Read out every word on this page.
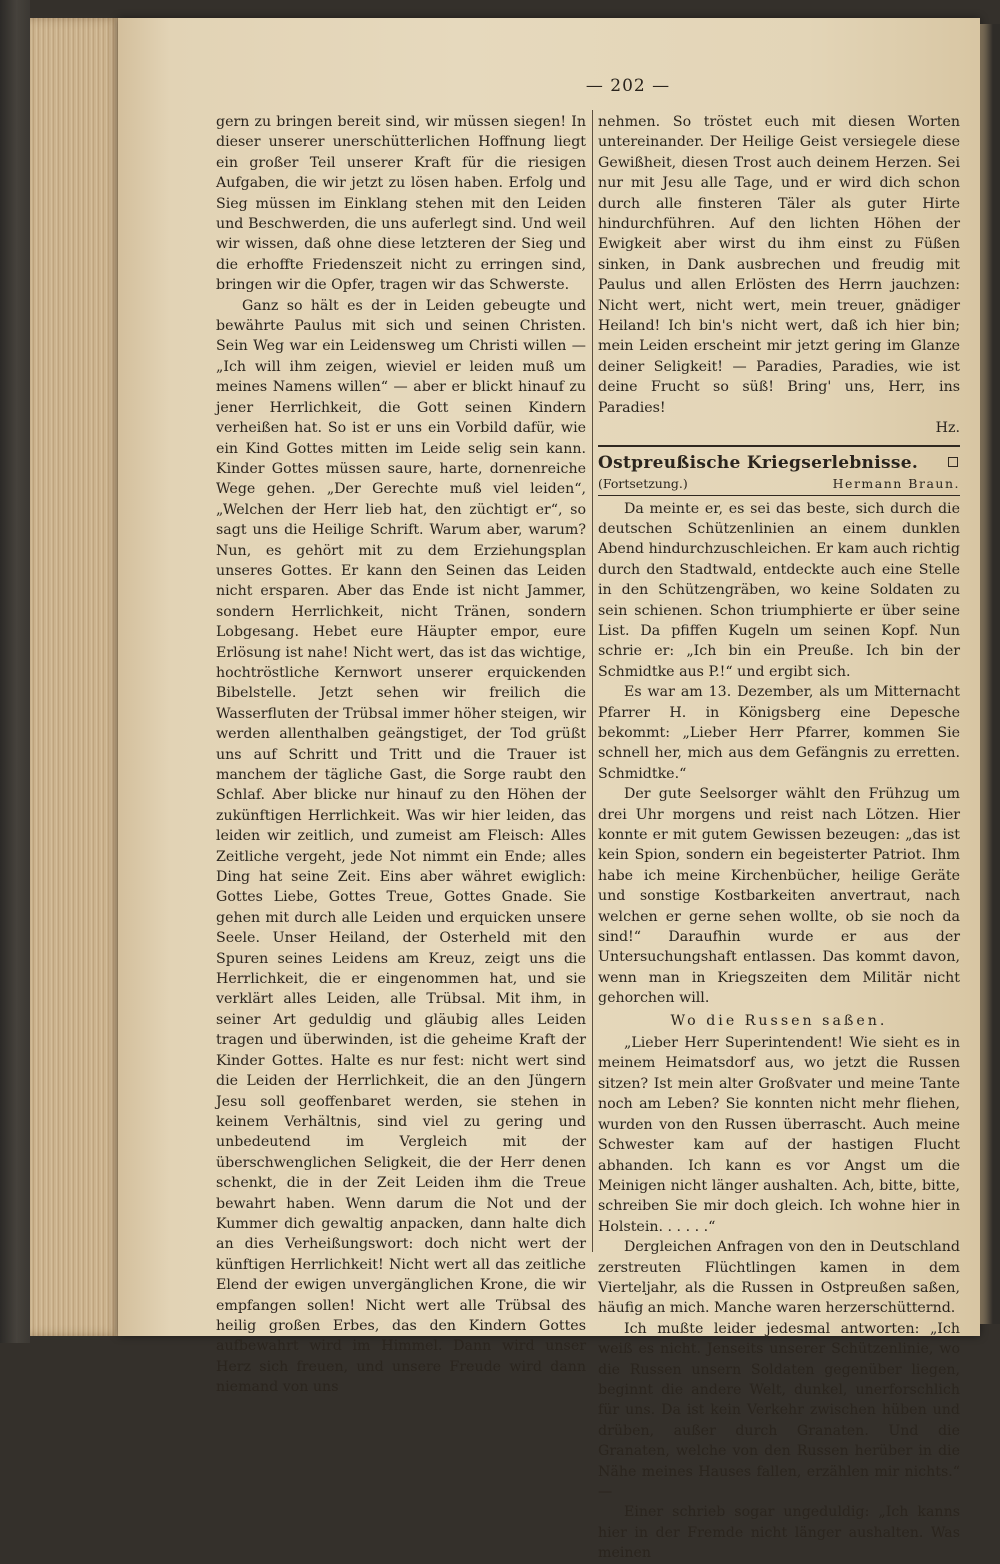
— 202 —

gern zu bringen bereit sind, wir müssen siegen! In dieser unserer unerschütterlichen Hoffnung liegt ein großer Teil unserer Kraft für die riesigen Aufgaben, die wir jetzt zu lösen haben. Erfolg und Sieg müssen im Einklang stehen mit den Leiden und Beschwerden, die uns auferlegt sind. Und weil wir wissen, daß ohne diese letzteren der Sieg und die erhoffte Friedenszeit nicht zu erringen sind, bringen wir die Opfer, tragen wir das Schwerste.

Ganz so hält es der in Leiden gebeugte und bewährte Paulus mit sich und seinen Christen. Sein Weg war ein Leidensweg um Christi willen — „Ich will ihm zeigen, wieviel er leiden muß um meines Namens willen“ — aber er blickt hinauf zu jener Herrlichkeit, die Gott seinen Kindern verheißen hat. So ist er uns ein Vorbild dafür, wie ein Kind Gottes mitten im Leide selig sein kann. Kinder Gottes müssen saure, harte, dornenreiche Wege gehen. „Der Gerechte muß viel leiden“, „Welchen der Herr lieb hat, den züchtigt er“, so sagt uns die Heilige Schrift. Warum aber, warum? Nun, es gehört mit zu dem Erziehungsplan unseres Gottes. Er kann den Seinen das Leiden nicht ersparen. Aber das Ende ist nicht Jammer, sondern Herrlichkeit, nicht Tränen, sondern Lobgesang. Hebet eure Häupter empor, eure Erlösung ist nahe! Nicht wert, das ist das wichtige, hochtröstliche Kernwort unserer erquickenden Bibelstelle. Jetzt sehen wir freilich die Wasserfluten der Trübsal immer höher steigen, wir werden allenthalben geängstiget, der Tod grüßt uns auf Schritt und Tritt und die Trauer ist manchem der tägliche Gast, die Sorge raubt den Schlaf. Aber blicke nur hinauf zu den Höhen der zukünftigen Herrlichkeit. Was wir hier leiden, das leiden wir zeitlich, und zumeist am Fleisch: Alles Zeitliche vergeht, jede Not nimmt ein Ende; alles Ding hat seine Zeit. Eins aber währet ewiglich: Gottes Liebe, Gottes Treue, Gottes Gnade. Sie gehen mit durch alle Leiden und erquicken unsere Seele. Unser Heiland, der Osterheld mit den Spuren seines Leidens am Kreuz, zeigt uns die Herrlichkeit, die er eingenommen hat, und sie verklärt alles Leiden, alle Trübsal. Mit ihm, in seiner Art geduldig und gläubig alles Leiden tragen und überwinden, ist die geheime Kraft der Kinder Gottes. Halte es nur fest: nicht wert sind die Leiden der Herrlichkeit, die an den Jüngern Jesu soll geoffenbaret werden, sie stehen in keinem Verhältnis, sind viel zu gering und unbedeutend im Vergleich mit der überschwenglichen Seligkeit, die der Herr denen schenkt, die in der Zeit Leiden ihm die Treue bewahrt haben. Wenn darum die Not und der Kummer dich gewaltig anpacken, dann halte dich an dies Verheißungswort: doch nicht wert der künftigen Herrlichkeit! Nicht wert all das zeitliche Elend der ewigen unvergänglichen Krone, die wir empfangen sollen! Nicht wert alle Trübsal des heilig großen Erbes, das den Kindern Gottes aufbewahrt wird im Himmel. Dann wird unser Herz sich freuen, und unsere Freude wird dann niemand von uns

nehmen. So tröstet euch mit diesen Worten untereinander. Der Heilige Geist versiegele diese Gewißheit, diesen Trost auch deinem Herzen. Sei nur mit Jesu alle Tage, und er wird dich schon durch alle finsteren Täler als guter Hirte hindurchführen. Auf den lichten Höhen der Ewigkeit aber wirst du ihm einst zu Füßen sinken, in Dank ausbrechen und freudig mit Paulus und allen Erlösten des Herrn jauchzen: Nicht wert, nicht wert, mein treuer, gnädiger Heiland! Ich bin's nicht wert, daß ich hier bin; mein Leiden erscheint mir jetzt gering im Glanze deiner Seligkeit! — Paradies, Paradies, wie ist deine Frucht so süß! Bring' uns, Herr, ins Paradies!

Hz.
Ostpreußische Kriegserlebnisse.
(Fortsetzung.)	Hermann Braun.

Da meinte er, es sei das beste, sich durch die deutschen Schützenlinien an einem dunklen Abend hindurchzuschleichen. Er kam auch richtig durch den Stadtwald, entdeckte auch eine Stelle in den Schützengräben, wo keine Soldaten zu sein schienen. Schon triumphierte er über seine List. Da pfiffen Kugeln um seinen Kopf. Nun schrie er: „Ich bin ein Preuße. Ich bin der Schmidtke aus P.!“ und ergibt sich.

Es war am 13. Dezember, als um Mitternacht Pfarrer H. in Königsberg eine Depesche bekommt: „Lieber Herr Pfarrer, kommen Sie schnell her, mich aus dem Gefängnis zu erretten. Schmidtke.“

Der gute Seelsorger wählt den Frühzug um drei Uhr morgens und reist nach Lötzen. Hier konnte er mit gutem Gewissen bezeugen: „das ist kein Spion, sondern ein begeisterter Patriot. Ihm habe ich meine Kirchenbücher, heilige Geräte und sonstige Kostbarkeiten anvertraut, nach welchen er gerne sehen wollte, ob sie noch da sind!“ Daraufhin wurde er aus der Untersuchungshaft entlassen. Das kommt davon, wenn man in Kriegszeiten dem Militär nicht gehorchen will.

Wo die Russen saßen.

„Lieber Herr Superintendent! Wie sieht es in meinem Heimatsdorf aus, wo jetzt die Russen sitzen? Ist mein alter Großvater und meine Tante noch am Leben? Sie konnten nicht mehr fliehen, wurden von den Russen überrascht. Auch meine Schwester kam auf der hastigen Flucht abhanden. Ich kann es vor Angst um die Meinigen nicht länger aushalten. Ach, bitte, bitte, schreiben Sie mir doch gleich. Ich wohne hier in Holstein. . . . . .“

Dergleichen Anfragen von den in Deutschland zerstreuten Flüchtlingen kamen in dem Vierteljahr, als die Russen in Ostpreußen saßen, häufig an mich. Manche waren herzerschütternd.

Ich mußte leider jedesmal antworten: „Ich weiß es nicht. Jenseits unserer Schützenlinie, wo die Russen unsern Soldaten gegenüber liegen, beginnt die andere Welt, dunkel, unerforschlich für uns. Da ist kein Verkehr zwischen hüben und drüben, außer durch Granaten. Und die Granaten, welche von den Russen herüber in die Nähe meines Hauses fallen, erzählen mir nichts.“ —

Einer schrieb sogar ungeduldig: „Ich kanns hier in der Fremde nicht länger aushalten. Was meinen
